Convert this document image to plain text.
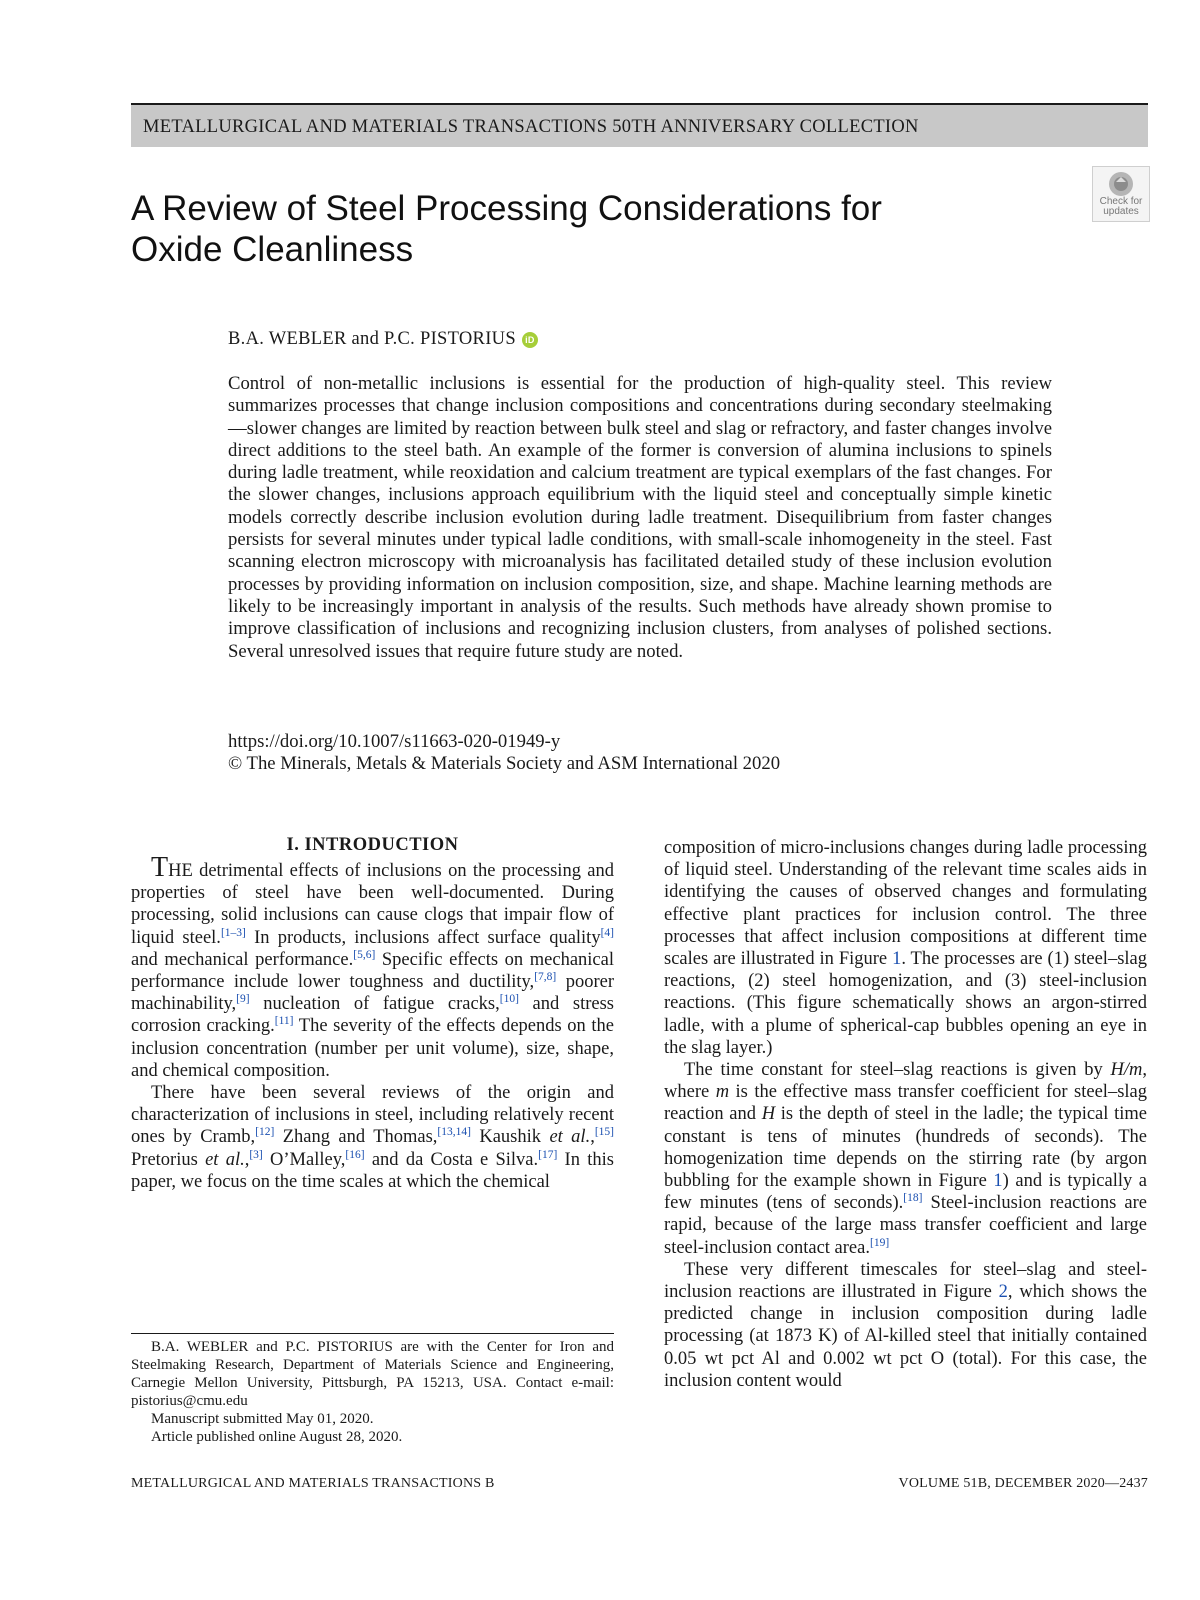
METALLURGICAL AND MATERIALS TRANSACTIONS 50TH ANNIVERSARY COLLECTION
A Review of Steel Processing Considerations for Oxide Cleanliness
Check for updates
B.A. WEBLER and P.C. PISTORIUS iD
Control of non-metallic inclusions is essential for the production of high-quality steel. This review summarizes processes that change inclusion compositions and concentrations during secondary steelmaking—slower changes are limited by reaction between bulk steel and slag or refractory, and faster changes involve direct additions to the steel bath. An example of the former is conversion of alumina inclusions to spinels during ladle treatment, while reoxidation and calcium treatment are typical exemplars of the fast changes. For the slower changes, inclusions approach equilibrium with the liquid steel and conceptually simple kinetic models correctly describe inclusion evolution during ladle treatment. Disequilibrium from faster changes persists for several minutes under typical ladle conditions, with small-scale inhomogeneity in the steel. Fast scanning electron microscopy with microanalysis has facilitated detailed study of these inclusion evolution processes by providing information on inclusion composition, size, and shape. Machine learning methods are likely to be increasingly important in analysis of the results. Such methods have already shown promise to improve classification of inclusions and recognizing inclusion clusters, from analyses of polished sections. Several unresolved issues that require future study are noted.
https://doi.org/10.1007/s11663-020-01949-y
© The Minerals, Metals & Materials Society and ASM International 2020
I. INTRODUCTION

THE detrimental effects of inclusions on the processing and properties of steel have been well-documented. During processing, solid inclusions can cause clogs that impair flow of liquid steel.[1–3] In products, inclusions affect surface quality[4] and mechanical performance.[5,6] Specific effects on mechanical performance include lower toughness and ductility,[7,8] poorer machinability,[9] nucleation of fatigue cracks,[10] and stress corrosion cracking.[11] The severity of the effects depends on the inclusion concentration (number per unit volume), size, shape, and chemical composition.

There have been several reviews of the origin and characterization of inclusions in steel, including relatively recent ones by Cramb,[12] Zhang and Thomas,[13,14] Kaushik et al.,[15] Pretorius et al.,[3] O’Malley,[16] and da Costa e Silva.[17] In this paper, we focus on the time scales at which the chemical

composition of micro-inclusions changes during ladle processing of liquid steel. Understanding of the relevant time scales aids in identifying the causes of observed changes and formulating effective plant practices for inclusion control. The three processes that affect inclusion compositions at different time scales are illustrated in Figure 1. The processes are (1) steel–slag reactions, (2) steel homogenization, and (3) steel-inclusion reactions. (This figure schematically shows an argon-stirred ladle, with a plume of spherical-cap bubbles opening an eye in the slag layer.)

The time constant for steel–slag reactions is given by H/m, where m is the effective mass transfer coefficient for steel–slag reaction and H is the depth of steel in the ladle; the typical time constant is tens of minutes (hundreds of seconds). The homogenization time depends on the stirring rate (by argon bubbling for the example shown in Figure 1) and is typically a few minutes (tens of seconds).[18] Steel-inclusion reactions are rapid, because of the large mass transfer coefficient and large steel-inclusion contact area.[19]

These very different timescales for steel–slag and steel-inclusion reactions are illustrated in Figure 2, which shows the predicted change in inclusion composition during ladle processing (at 1873 K) of Al-killed steel that initially contained 0.05 wt pct Al and 0.002 wt pct O (total). For this case, the inclusion content would

B.A. WEBLER and P.C. PISTORIUS are with the Center for Iron and Steelmaking Research, Department of Materials Science and Engineering, Carnegie Mellon University, Pittsburgh, PA 15213, USA. Contact e-mail: pistorius@cmu.edu

Manuscript submitted May 01, 2020.

Article published online August 28, 2020.

METALLURGICAL AND MATERIALS TRANSACTIONS B	VOLUME 51B, DECEMBER 2020—2437
